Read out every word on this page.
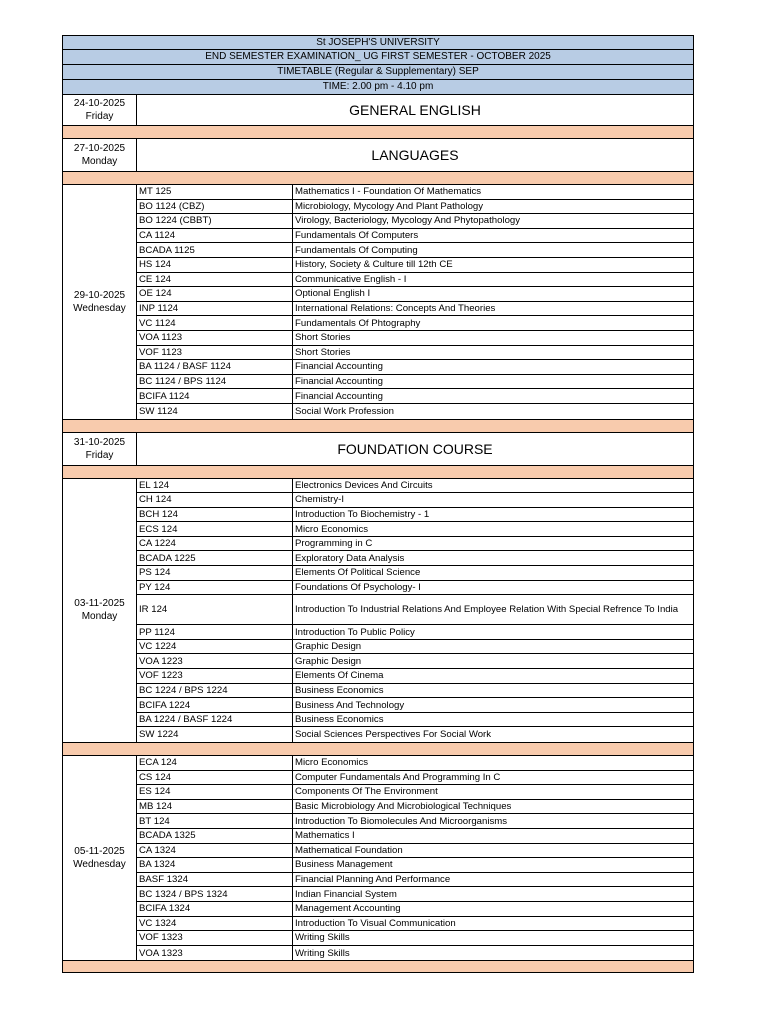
St JOSEPH'S UNIVERSITY
END SEMESTER EXAMINATION_ UG FIRST SEMESTER - OCTOBER 2025
TIMETABLE (Regular & Supplementary) SEP
TIME: 2.00 pm - 4.10 pm
24-10-2025
Friday	GENERAL ENGLISH
27-10-2025
Monday	LANGUAGES
29-10-2025
Wednesday
MT 125	Mathematics I - Foundation Of Mathematics
BO 1124 (CBZ)	Microbiology, Mycology And Plant Pathology
BO 1224 (CBBT)	Virology, Bacteriology, Mycology And Phytopathology
CA 1124	Fundamentals Of Computers
BCADA 1125	Fundamentals Of Computing
HS 124	History, Society & Culture till 12th CE
CE 124	Communicative English - I
OE 124	Optional English I
INP 1124	International Relations: Concepts And Theories
VC 1124	Fundamentals Of Phtography
VOA 1123	Short Stories
VOF 1123	Short Stories
BA 1124 / BASF 1124	Financial Accounting
BC 1124 / BPS 1124	Financial Accounting
BCIFA 1124	Financial Accounting
SW 1124	Social Work Profession
31-10-2025
Friday	FOUNDATION COURSE
03-11-2025
Monday
EL 124	Electronics Devices And Circuits
CH 124	Chemistry-I
BCH 124	Introduction To Biochemistry - 1
ECS 124	Micro Economics
CA 1224	Programming in C
BCADA 1225	Exploratory Data Analysis
PS 124	Elements Of Political Science
PY 124	Foundations Of Psychology- I
IR 124	Introduction To Industrial Relations And Employee Relation With Special Refrence To India
PP 1124	Introduction To Public Policy
VC 1224	Graphic Design
VOA 1223	Graphic Design
VOF 1223	Elements Of Cinema
BC 1224 / BPS 1224	Business Economics
BCIFA 1224	Business And Technology
BA 1224 / BASF 1224	Business Economics
SW 1224	Social Sciences Perspectives For Social Work
05-11-2025
Wednesday
ECA 124	Micro Economics
CS 124	Computer Fundamentals And Programming In C
ES 124	Components Of The Environment
MB 124	Basic Microbiology And Microbiological Techniques
BT 124	Introduction To Biomolecules And Microorganisms
BCADA 1325	Mathematics I
CA 1324	Mathematical Foundation
BA 1324	Business Management
BASF 1324	Financial Planning And Performance
BC 1324 / BPS 1324	Indian Financial System
BCIFA 1324	Management Accounting
VC 1324	Introduction To Visual Communication
VOF 1323	Writing Skills
VOA 1323	Writing Skills
